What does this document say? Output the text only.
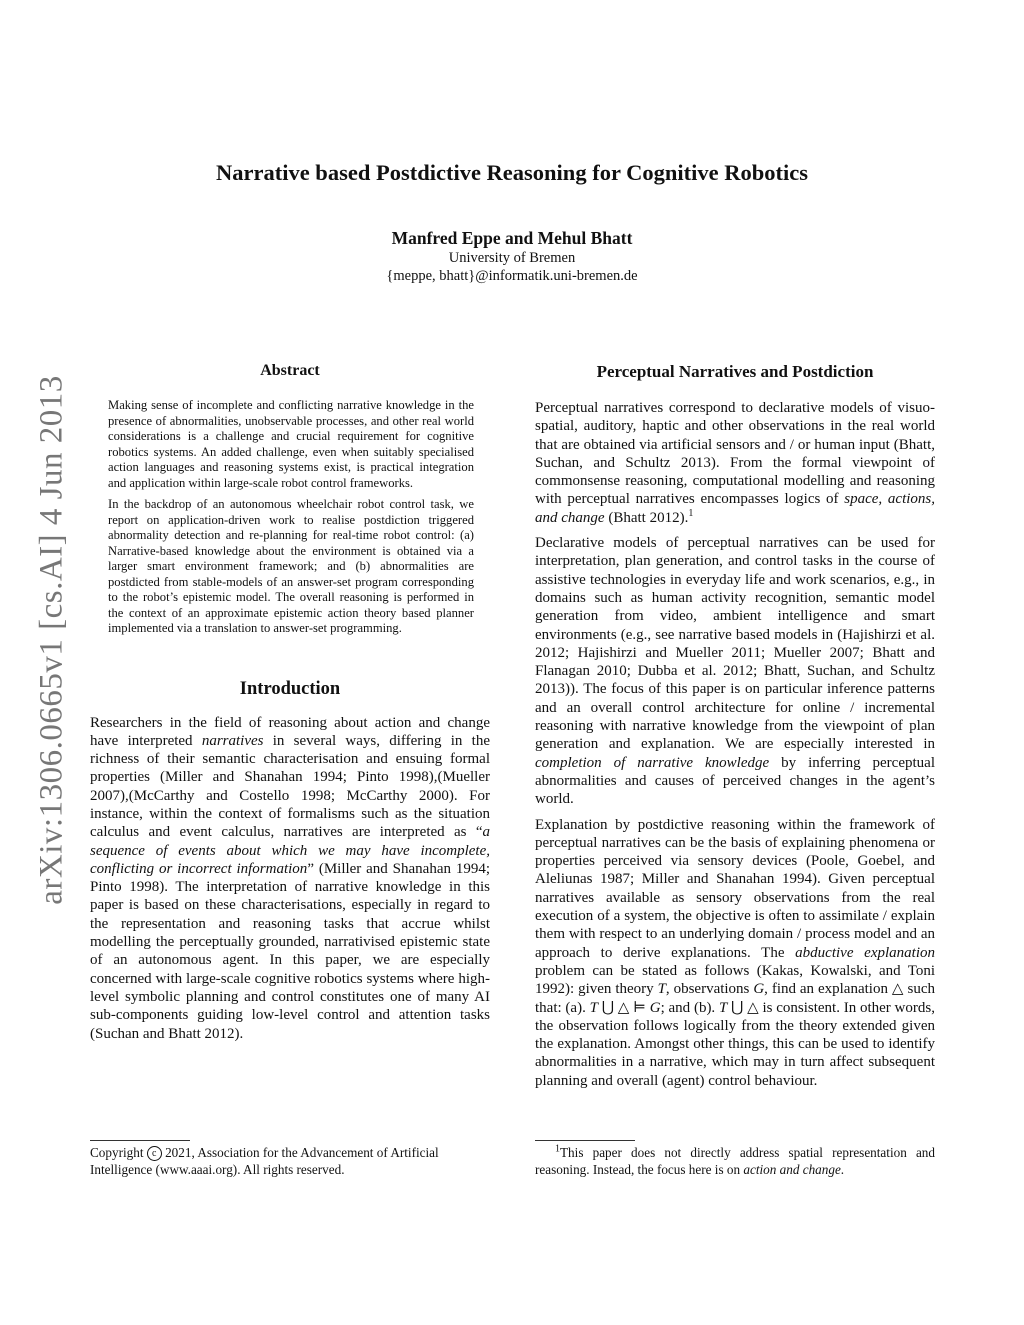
Narrative based Postdictive Reasoning for Cognitive Robotics
Manfred Eppe and Mehul Bhatt
University of Bremen
{meppe, bhatt}@informatik.uni-bremen.de
arXiv:1306.0665v1 [cs.AI] 4 Jun 2013
Abstract

Making sense of incomplete and conflicting narrative knowledge in the presence of abnormalities, unobservable processes, and other real world considerations is a challenge and crucial requirement for cognitive robotics systems. An added challenge, even when suitably specialised action languages and reasoning systems exist, is practical integration and application within large-scale robot control frameworks.

In the backdrop of an autonomous wheelchair robot control task, we report on application-driven work to realise postdiction triggered abnormality detection and re-planning for real-time robot control: (a) Narrative-based knowledge about the environment is obtained via a larger smart environment framework; and (b) abnormalities are postdicted from stable-models of an answer-set program corresponding to the robot’s epistemic model. The overall reasoning is performed in the context of an approximate epistemic action theory based planner implemented via a translation to answer-set programming.

Introduction

Researchers in the field of reasoning about action and change have interpreted narratives in several ways, differing in the richness of their semantic characterisation and ensuing formal properties (Miller and Shanahan 1994; Pinto 1998),(Mueller 2007),(McCarthy and Costello 1998; McCarthy 2000). For instance, within the context of formalisms such as the situation calculus and event calculus, narratives are interpreted as “a sequence of events about which we may have incomplete, conflicting or incorrect information” (Miller and Shanahan 1994; Pinto 1998). The interpretation of narrative knowledge in this paper is based on these characterisations, especially in regard to the representation and reasoning tasks that accrue whilst modelling the perceptually grounded, narrativised epistemic state of an autonomous agent. In this paper, we are especially concerned with large-scale cognitive robotics systems where high-level symbolic planning and control constitutes one of many AI sub-components guiding low-level control and attention tasks (Suchan and Bhatt 2012).

Perceptual Narratives and Postdiction

Perceptual narratives correspond to declarative models of visuo-spatial, auditory, haptic and other observations in the real world that are obtained via artificial sensors and / or human input (Bhatt, Suchan, and Schultz 2013). From the formal viewpoint of commonsense reasoning, computational modelling and reasoning with perceptual narratives encompasses logics of space, actions, and change (Bhatt 2012).$^1$

Declarative models of perceptual narratives can be used for interpretation, plan generation, and control tasks in the course of assistive technologies in everyday life and work scenarios, e.g., in domains such as human activity recognition, semantic model generation from video, ambient intelligence and smart environments (e.g., see narrative based models in (Hajishirzi et al. 2012; Hajishirzi and Mueller 2011; Mueller 2007; Bhatt and Flanagan 2010; Dubba et al. 2012; Bhatt, Suchan, and Schultz 2013)). The focus of this paper is on particular inference patterns and an overall control architecture for online / incremental reasoning with narrative knowledge from the viewpoint of plan generation and explanation. We are especially interested in completion of narrative knowledge by inferring perceptual abnormalities and causes of perceived changes in the agent’s world.

Explanation by postdictive reasoning within the framework of perceptual narratives can be the basis of explaining phenomena or properties perceived via sensory devices (Poole, Goebel, and Aleliunas 1987; Miller and Shanahan 1994). Given perceptual narratives available as sensory observations from the real execution of a system, the objective is often to assimilate / explain them with respect to an underlying domain / process model and an approach to derive explanations. The abductive explanation problem can be stated as follows (Kakas, Kowalski, and Toni 1992): given theory T, observations G, find an explanation △ such that: (a). T ⋃ △ ⊨ G; and (b). T ⋃ △ is consistent. In other words, the observation follows logically from the theory extended given the explanation. Amongst other things, this can be used to identify abnormalities in a narrative, which may in turn affect subsequent planning and overall (agent) control behaviour.

Copyright c 2021, Association for the Advancement of Artificial Intelligence (www.aaai.org). All rights reserved.
$^1$This paper does not directly address spatial representation and reasoning. Instead, the focus here is on action and change.
